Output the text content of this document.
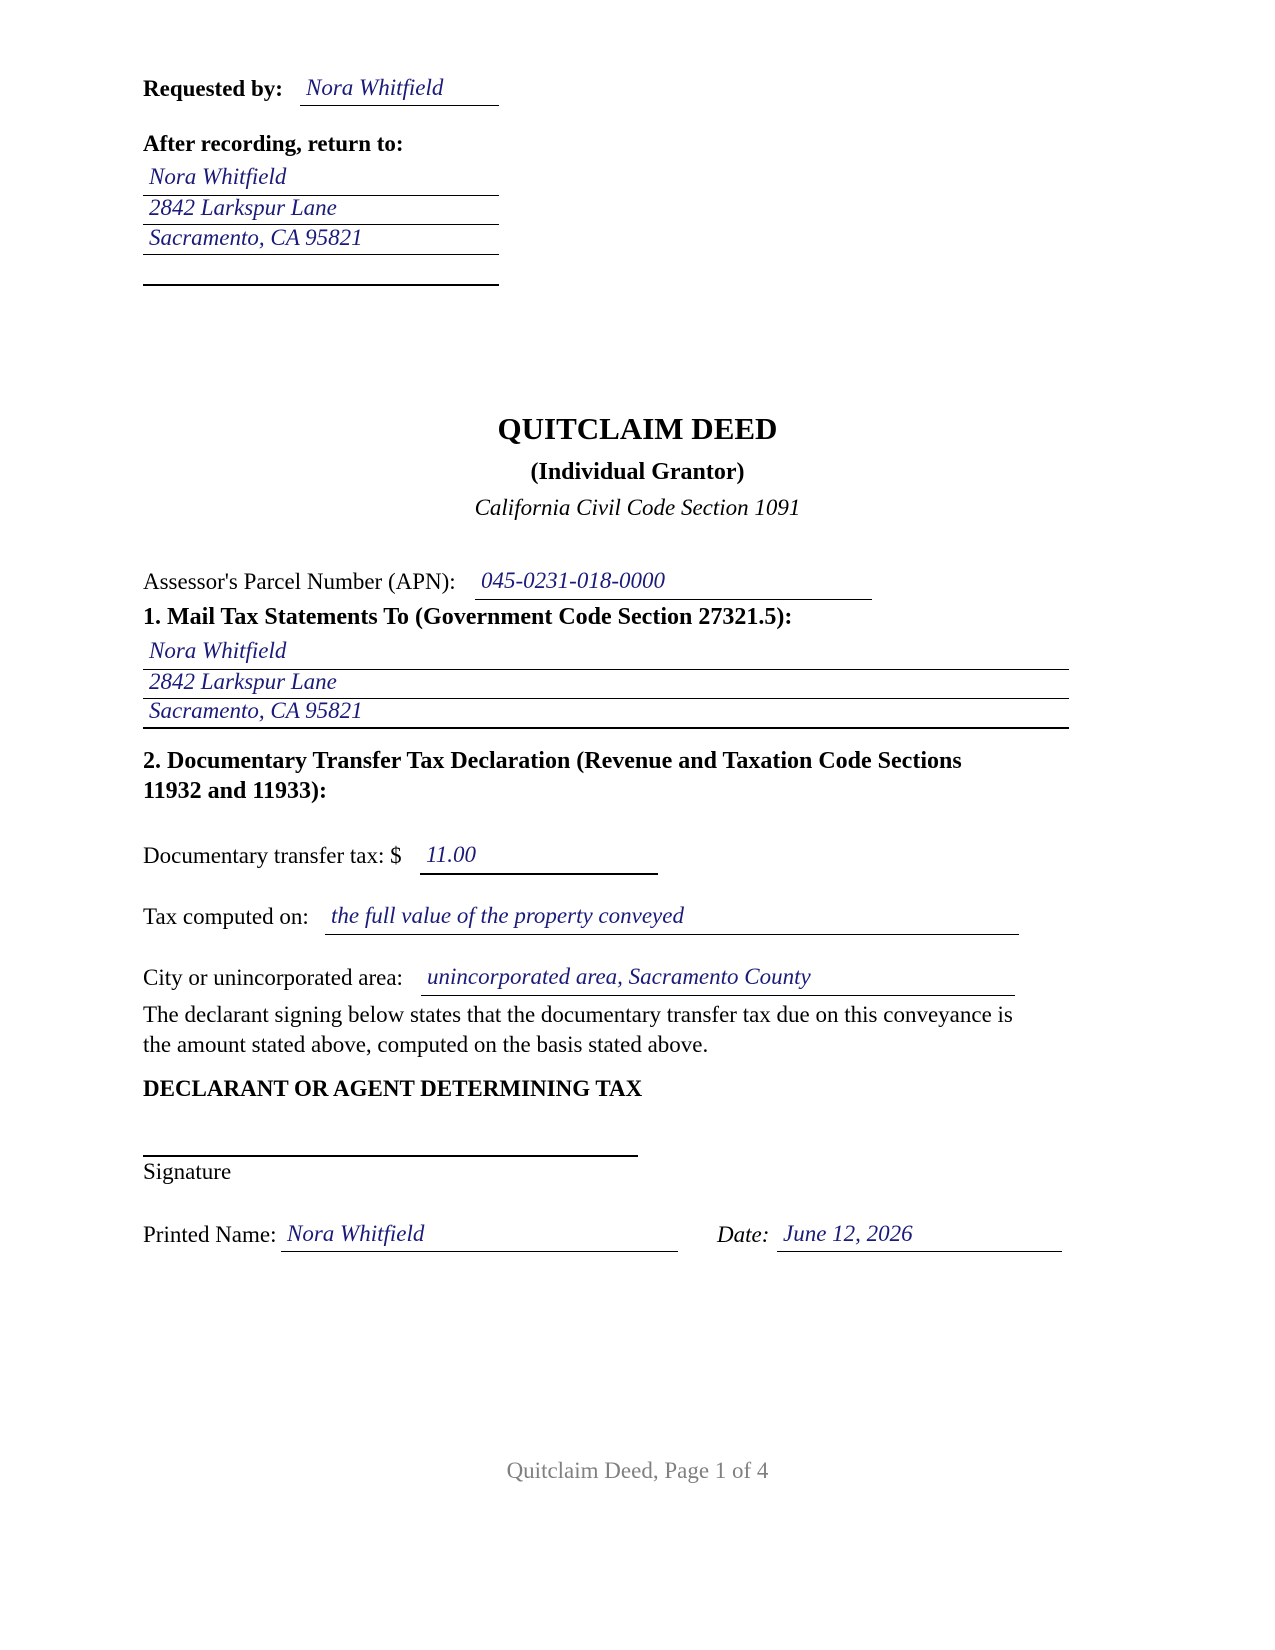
Requested by: Nora Whitfield
After recording, return to:
Nora Whitfield
2842 Larkspur Lane
Sacramento, CA 95821
QUITCLAIM DEED
(Individual Grantor)
California Civil Code Section 1091
Assessor's Parcel Number (APN): 045-0231-018-0000
1. Mail Tax Statements To (Government Code Section 27321.5):
Nora Whitfield
2842 Larkspur Lane
Sacramento, CA 95821
2. Documentary Transfer Tax Declaration (Revenue and Taxation Code Sections
11932 and 11933):
Documentary transfer tax: $ 11.00
Tax computed on: the full value of the property conveyed
City or unincorporated area: unincorporated area, Sacramento County
The declarant signing below states that the documentary transfer tax due on this conveyance is
the amount stated above, computed on the basis stated above.
DECLARANT OR AGENT DETERMINING TAX
Signature
Printed Name: Nora Whitfield	Date: June 12, 2026
Quitclaim Deed, Page 1 of 4
